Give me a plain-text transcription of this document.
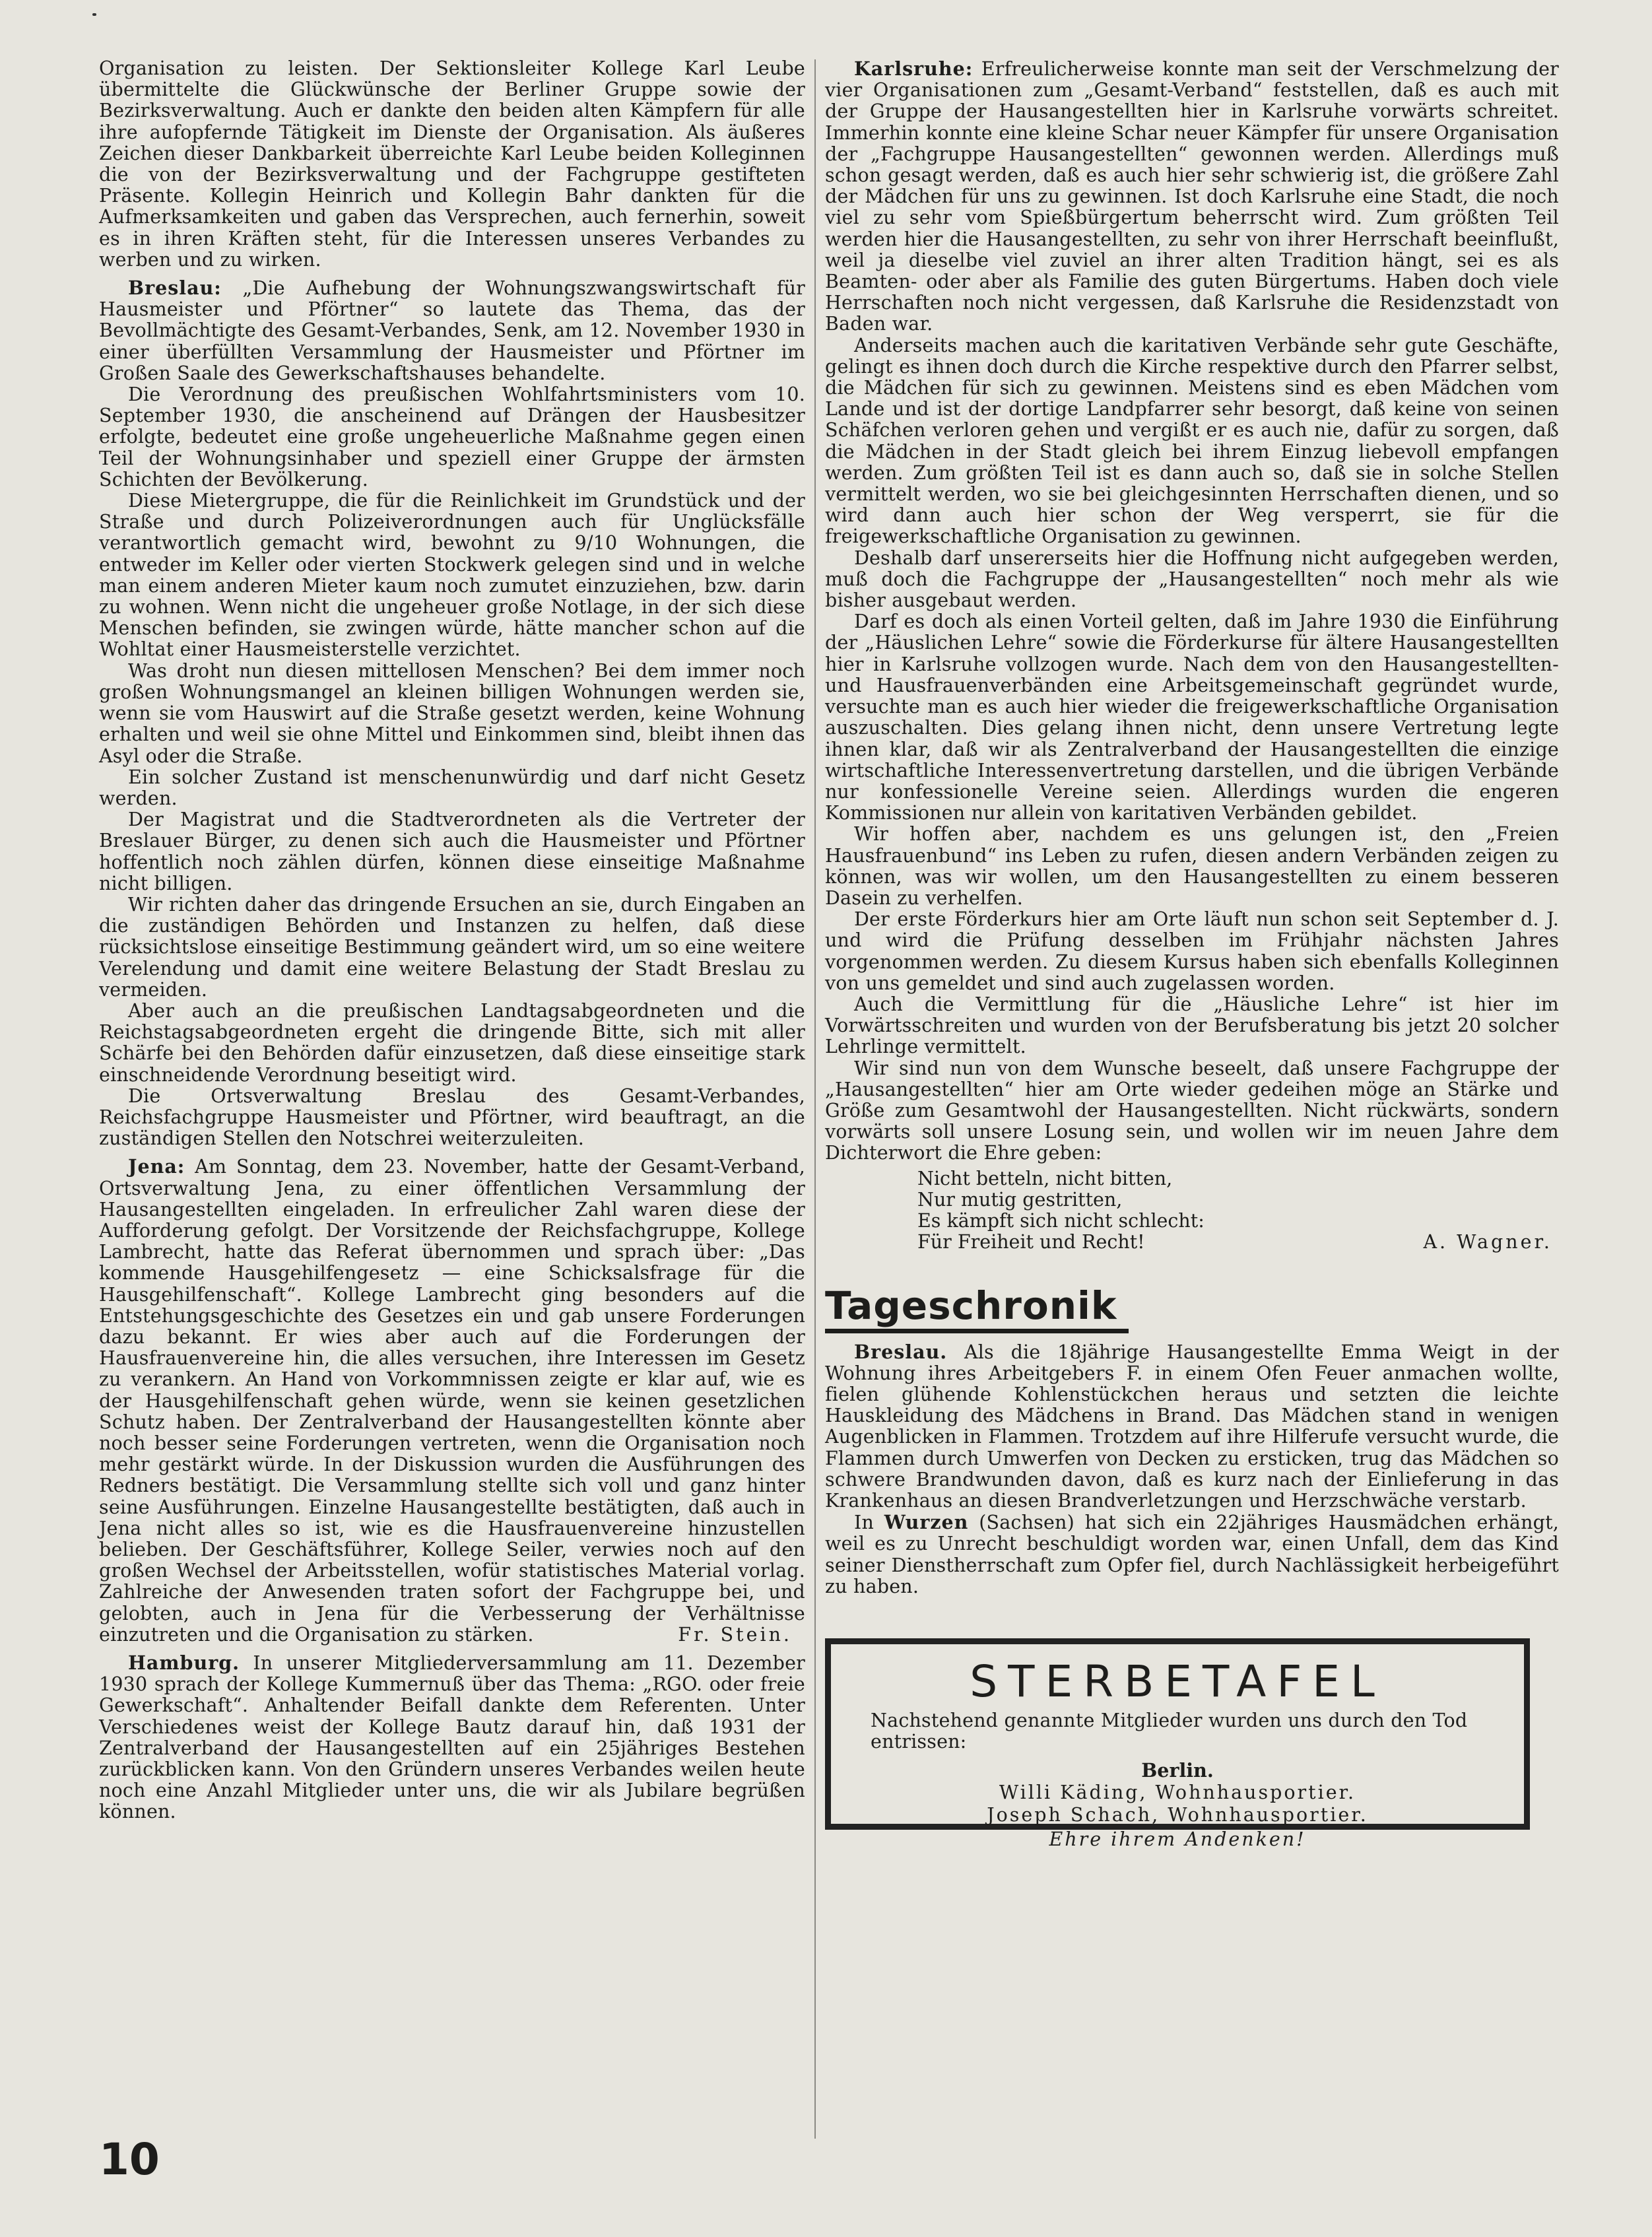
Organisation zu leisten. Der Sektionsleiter Kollege Karl Leube übermittelte die Glückwünsche der Berliner Gruppe sowie der Bezirksverwaltung. Auch er dankte den beiden alten Kämpfern für alle ihre aufopfernde Tätigkeit im Dienste der Organisation. Als äußeres Zeichen dieser Dankbarkeit überreichte Karl Leube beiden Kolleginnen die von der Bezirksverwaltung und der Fachgruppe gestifteten Präsente. Kollegin Heinrich und Kollegin Bahr dankten für die Aufmerksamkeiten und gaben das Versprechen, auch fernerhin, soweit es in ihren Kräften steht, für die Interessen unseres Verbandes zu werben und zu wirken.

Breslau: „Die Aufhebung der Wohnungszwangswirtschaft für Hausmeister und Pförtner“ so lautete das Thema, das der Bevollmächtigte des Gesamt-Verbandes, Senk, am 12. November 1930 in einer überfüllten Versammlung der Hausmeister und Pförtner im Großen Saale des Gewerkschaftshauses behandelte.

Die Verordnung des preußischen Wohlfahrtsministers vom 10. September 1930, die anscheinend auf Drängen der Hausbesitzer erfolgte, bedeutet eine große ungeheuerliche Maßnahme gegen einen Teil der Wohnungsinhaber und speziell einer Gruppe der ärmsten Schichten der Bevölkerung.

Diese Mietergruppe, die für die Reinlichkeit im Grundstück und der Straße und durch Polizeiverordnungen auch für Unglücksfälle verantwortlich gemacht wird, bewohnt zu 9/10 Wohnungen, die entweder im Keller oder vierten Stockwerk gelegen sind und in welche man einem anderen Mieter kaum noch zumutet einzuziehen, bzw. darin zu wohnen. Wenn nicht die ungeheuer große Notlage, in der sich diese Menschen befinden, sie zwingen würde, hätte mancher schon auf die Wohltat einer Hausmeisterstelle verzichtet.

Was droht nun diesen mittellosen Menschen? Bei dem immer noch großen Wohnungsmangel an kleinen billigen Wohnungen werden sie, wenn sie vom Hauswirt auf die Straße gesetzt werden, keine Wohnung erhalten und weil sie ohne Mittel und Einkommen sind, bleibt ihnen das Asyl oder die Straße.

Ein solcher Zustand ist menschenunwürdig und darf nicht Gesetz werden.

Der Magistrat und die Stadtverordneten als die Vertreter der Breslauer Bürger, zu denen sich auch die Hausmeister und Pförtner hoffentlich noch zählen dürfen, können diese einseitige Maßnahme nicht billigen.

Wir richten daher das dringende Ersuchen an sie, durch Eingaben an die zuständigen Behörden und Instanzen zu helfen, daß diese rücksichtslose einseitige Bestimmung geändert wird, um so eine weitere Verelendung und damit eine weitere Belastung der Stadt Breslau zu vermeiden.

Aber auch an die preußischen Landtagsabgeordneten und die Reichstagsabgeordneten ergeht die dringende Bitte, sich mit aller Schärfe bei den Behörden dafür einzusetzen, daß diese einseitige stark einschneidende Verordnung beseitigt wird.

Die Ortsverwaltung Breslau des Gesamt-Verbandes, Reichsfachgruppe Hausmeister und Pförtner, wird beauftragt, an die zuständigen Stellen den Notschrei weiterzuleiten.

Jena: Am Sonntag, dem 23. November, hatte der Gesamt-Verband, Ortsverwaltung Jena, zu einer öffentlichen Versammlung der Hausangestellten eingeladen. In erfreulicher Zahl waren diese der Aufforderung gefolgt. Der Vorsitzende der Reichsfachgruppe, Kollege Lambrecht, hatte das Referat übernommen und sprach über: „Das kommende Hausgehilfengesetz — eine Schicksalsfrage für die Hausgehilfenschaft“. Kollege Lambrecht ging besonders auf die Entstehungsgeschichte des Gesetzes ein und gab unsere Forderungen dazu bekannt. Er wies aber auch auf die Forderungen der Hausfrauenvereine hin, die alles versuchen, ihre Interessen im Gesetz zu verankern. An Hand von Vorkommnissen zeigte er klar auf, wie es der Hausgehilfenschaft gehen würde, wenn sie keinen gesetzlichen Schutz haben. Der Zentralverband der Hausangestellten könnte aber noch besser seine Forderungen vertreten, wenn die Organisation noch mehr gestärkt würde. In der Diskussion wurden die Ausführungen des Redners bestätigt. Die Versammlung stellte sich voll und ganz hinter seine Ausführungen. Einzelne Hausangestellte bestätigten, daß auch in Jena nicht alles so ist, wie es die Hausfrauenvereine hinzustellen belieben. Der Geschäftsführer, Kollege Seiler, verwies noch auf den großen Wechsel der Arbeitsstellen, wofür statistisches Material vorlag. Zahlreiche der Anwesenden traten sofort der Fachgruppe bei, und gelobten, auch in Jena für die Verbesserung der Verhältnisse einzutreten und die Organisation zu stärken.	Fr. Stein.

Hamburg. In unserer Mitgliederversammlung am 11. Dezember 1930 sprach der Kollege Kummernuß über das Thema: „RGO. oder freie Gewerkschaft“. Anhaltender Beifall dankte dem Referenten. Unter Verschiedenes weist der Kollege Bautz darauf hin, daß 1931 der Zentralverband der Hausangestellten auf ein 25jähriges Bestehen zurückblicken kann. Von den Gründern unseres Verbandes weilen heute noch eine Anzahl Mitglieder unter uns, die wir als Jubilare begrüßen können.

Karlsruhe: Erfreulicherweise konnte man seit der Verschmelzung der vier Organisationen zum „Gesamt-Verband“ feststellen, daß es auch mit der Gruppe der Hausangestellten hier in Karlsruhe vorwärts schreitet. Immerhin konnte eine kleine Schar neuer Kämpfer für unsere Organisation der „Fachgruppe Hausangestellten“ gewonnen werden. Allerdings muß schon gesagt werden, daß es auch hier sehr schwierig ist, die größere Zahl der Mädchen für uns zu gewinnen. Ist doch Karlsruhe eine Stadt, die noch viel zu sehr vom Spießbürgertum beherrscht wird. Zum größten Teil werden hier die Hausangestellten, zu sehr von ihrer Herrschaft beeinflußt, weil ja dieselbe viel zuviel an ihrer alten Tradition hängt, sei es als Beamten- oder aber als Familie des guten Bürgertums. Haben doch viele Herrschaften noch nicht vergessen, daß Karlsruhe die Residenzstadt von Baden war.

Anderseits machen auch die karitativen Verbände sehr gute Geschäfte, gelingt es ihnen doch durch die Kirche respektive durch den Pfarrer selbst, die Mädchen für sich zu gewinnen. Meistens sind es eben Mädchen vom Lande und ist der dortige Landpfarrer sehr besorgt, daß keine von seinen Schäfchen verloren gehen und vergißt er es auch nie, dafür zu sorgen, daß die Mädchen in der Stadt gleich bei ihrem Einzug liebevoll empfangen werden. Zum größten Teil ist es dann auch so, daß sie in solche Stellen vermittelt werden, wo sie bei gleichgesinnten Herrschaften dienen, und so wird dann auch hier schon der Weg versperrt, sie für die freigewerkschaftliche Organisation zu gewinnen.

Deshalb darf unsererseits hier die Hoffnung nicht aufgegeben werden, muß doch die Fachgruppe der „Hausangestellten“ noch mehr als wie bisher ausgebaut werden.

Darf es doch als einen Vorteil gelten, daß im Jahre 1930 die Einführung der „Häuslichen Lehre“ sowie die Förderkurse für ältere Hausangestellten hier in Karlsruhe vollzogen wurde. Nach dem von den Hausangestellten- und Hausfrauenverbänden eine Arbeitsgemeinschaft gegründet wurde, versuchte man es auch hier wieder die freigewerkschaftliche Organisation auszuschalten. Dies gelang ihnen nicht, denn unsere Vertretung legte ihnen klar, daß wir als Zentralverband der Hausangestellten die einzige wirtschaftliche Interessenvertretung darstellen, und die übrigen Verbände nur konfessionelle Vereine seien. Allerdings wurden die engeren Kommissionen nur allein von karitativen Verbänden gebildet.

Wir hoffen aber, nachdem es uns gelungen ist, den „Freien Hausfrauenbund“ ins Leben zu rufen, diesen andern Verbänden zeigen zu können, was wir wollen, um den Hausangestellten zu einem besseren Dasein zu verhelfen.

Der erste Förderkurs hier am Orte läuft nun schon seit September d. J. und wird die Prüfung desselben im Frühjahr nächsten Jahres vorgenommen werden. Zu diesem Kursus haben sich ebenfalls Kolleginnen von uns gemeldet und sind auch zugelassen worden.

Auch die Vermittlung für die „Häusliche Lehre“ ist hier im Vorwärtsschreiten und wurden von der Berufsberatung bis jetzt 20 solcher Lehrlinge vermittelt.

Wir sind nun von dem Wunsche beseelt, daß unsere Fachgruppe der „Hausangestellten“ hier am Orte wieder gedeihen möge an Stärke und Größe zum Gesamtwohl der Hausangestellten. Nicht rückwärts, sondern vorwärts soll unsere Losung sein, und wollen wir im neuen Jahre dem Dichterwort die Ehre geben:

Nicht betteln, nicht bitten,
Nur mutig gestritten,
Es kämpft sich nicht schlecht:
Für Freiheit und Recht!	A. Wagner.
Tageschronik

Breslau. Als die 18jährige Hausangestellte Emma Weigt in der Wohnung ihres Arbeitgebers F. in einem Ofen Feuer anmachen wollte, fielen glühende Kohlenstückchen heraus und setzten die leichte Hauskleidung des Mädchens in Brand. Das Mädchen stand in wenigen Augenblicken in Flammen. Trotzdem auf ihre Hilferufe versucht wurde, die Flammen durch Umwerfen von Decken zu ersticken, trug das Mädchen so schwere Brandwunden davon, daß es kurz nach der Einlieferung in das Krankenhaus an diesen Brandverletzungen und Herzschwäche verstarb.

In Wurzen (Sachsen) hat sich ein 22jähriges Hausmädchen erhängt, weil es zu Unrecht beschuldigt worden war, einen Unfall, dem das Kind seiner Dienstherrschaft zum Opfer fiel, durch Nachlässigkeit herbeigeführt zu haben.

STERBETAFEL

Nachstehend genannte Mitglieder wurden uns durch den Tod entrissen:

Berlin.
Willi Käding, Wohnhausportier.
Joseph Schach, Wohnhausportier.
Ehre ihrem Andenken!
10
